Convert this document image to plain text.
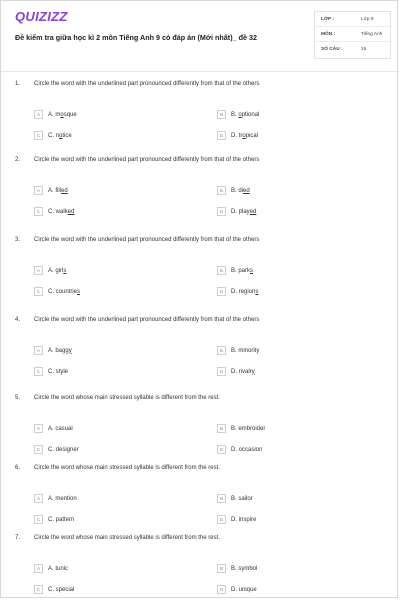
QUIZIZZ
Đề kiểm tra giữa học kì 2 môn Tiếng Anh 9 có đáp án (Mới nhất)_ đề 32
LỚP :	Lớp 9
MÔN :	Tiếng Anh
SỐ CÂU :	16
1. Circle the word with the underlined part pronounced differently from that of the others
A	A. mosque	B	B. optional
C	C. notice	D	D. tropical
2. Circle the word with the underlined part pronounced differently from that of the others
A	A. filled	B	B. died
C	C. walked	D	D. played
3. Circle the word with the underlined part pronounced differently from that of the others
A	A. girls	B	B. parks
C	C. countries	D	D. regions
4. Circle the word with the underlined part pronounced differently from that of the others
A	A. baggy	B	B. minority
C	C. style	D	D. rivalry
5. Circle the word whose main stressed syllable is different from the rest.
A	A. casual	B	B. embroider
C	C. designer	D	D. occasion
6. Circle the word whose main stressed syllable is different from the rest.
A	A. mention	B	B. sailor
C	C. pattern	D	D. inspire
7. Circle the word whose main stressed syllable is different from the rest.
A	A. tunic	B	B. symbol
C	C. special	D	D. unique
